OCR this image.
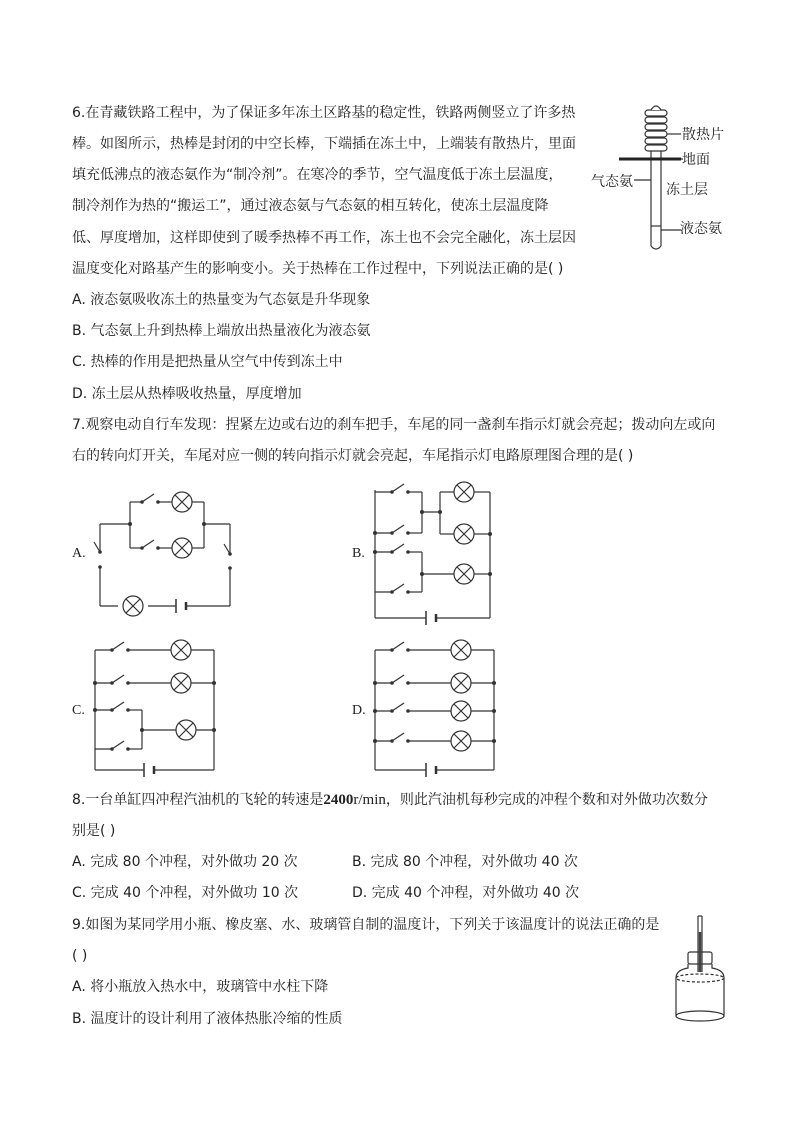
6.在青藏铁路工程中，为了保证多年冻土区路基的稳定性，铁路两侧竖立了许多热
棒。如图所示，热棒是封闭的中空长棒，下端插在冻土中，上端装有散热片，里面
填充低沸点的液态氨作为“制冷剂”。在寒冷的季节，空气温度低于冻土层温度，
制冷剂作为热的“搬运工”，通过液态氨与气态氨的相互转化，使冻土层温度降
低、厚度增加，这样即使到了暖季热棒不再工作，冻土也不会完全融化，冻土层因
温度变化对路基产生的影响变小。关于热棒在工作过程中，下列说法正确的是( )
A. 液态氨吸收冻土的热量变为气态氨是升华现象
B. 气态氨上升到热棒上端放出热量液化为液态氨
C. 热棒的作用是把热量从空气中传到冻土中
D. 冻土层从热棒吸收热量，厚度增加
散热片
地面
气态氨 冻土层
液态氨
7.观察电动自行车发现：捏紧左边或右边的刹车把手，车尾的同一盏刹车指示灯就会亮起；拨动向左或向
右的转向灯开关，车尾对应一侧的转向指示灯就会亮起，车尾指示灯电路原理图合理的是( )
A.	B.
C.	D.
8.一台单缸四冲程汽油机的飞轮的转速是2400r/min，则此汽油机每秒完成的冲程个数和对外做功次数分
别是( )
A. 完成 80 个冲程，对外做功 20 次	B. 完成 80 个冲程，对外做功 40 次
C. 完成 40 个冲程，对外做功 10 次	D. 完成 40 个冲程，对外做功 40 次
9.如图为某同学用小瓶、橡皮塞、水、玻璃管自制的温度计，下列关于该温度计的说法正确的是
( )
A. 将小瓶放入热水中，玻璃管中水柱下降
B. 温度计的设计利用了液体热胀冷缩的性质
